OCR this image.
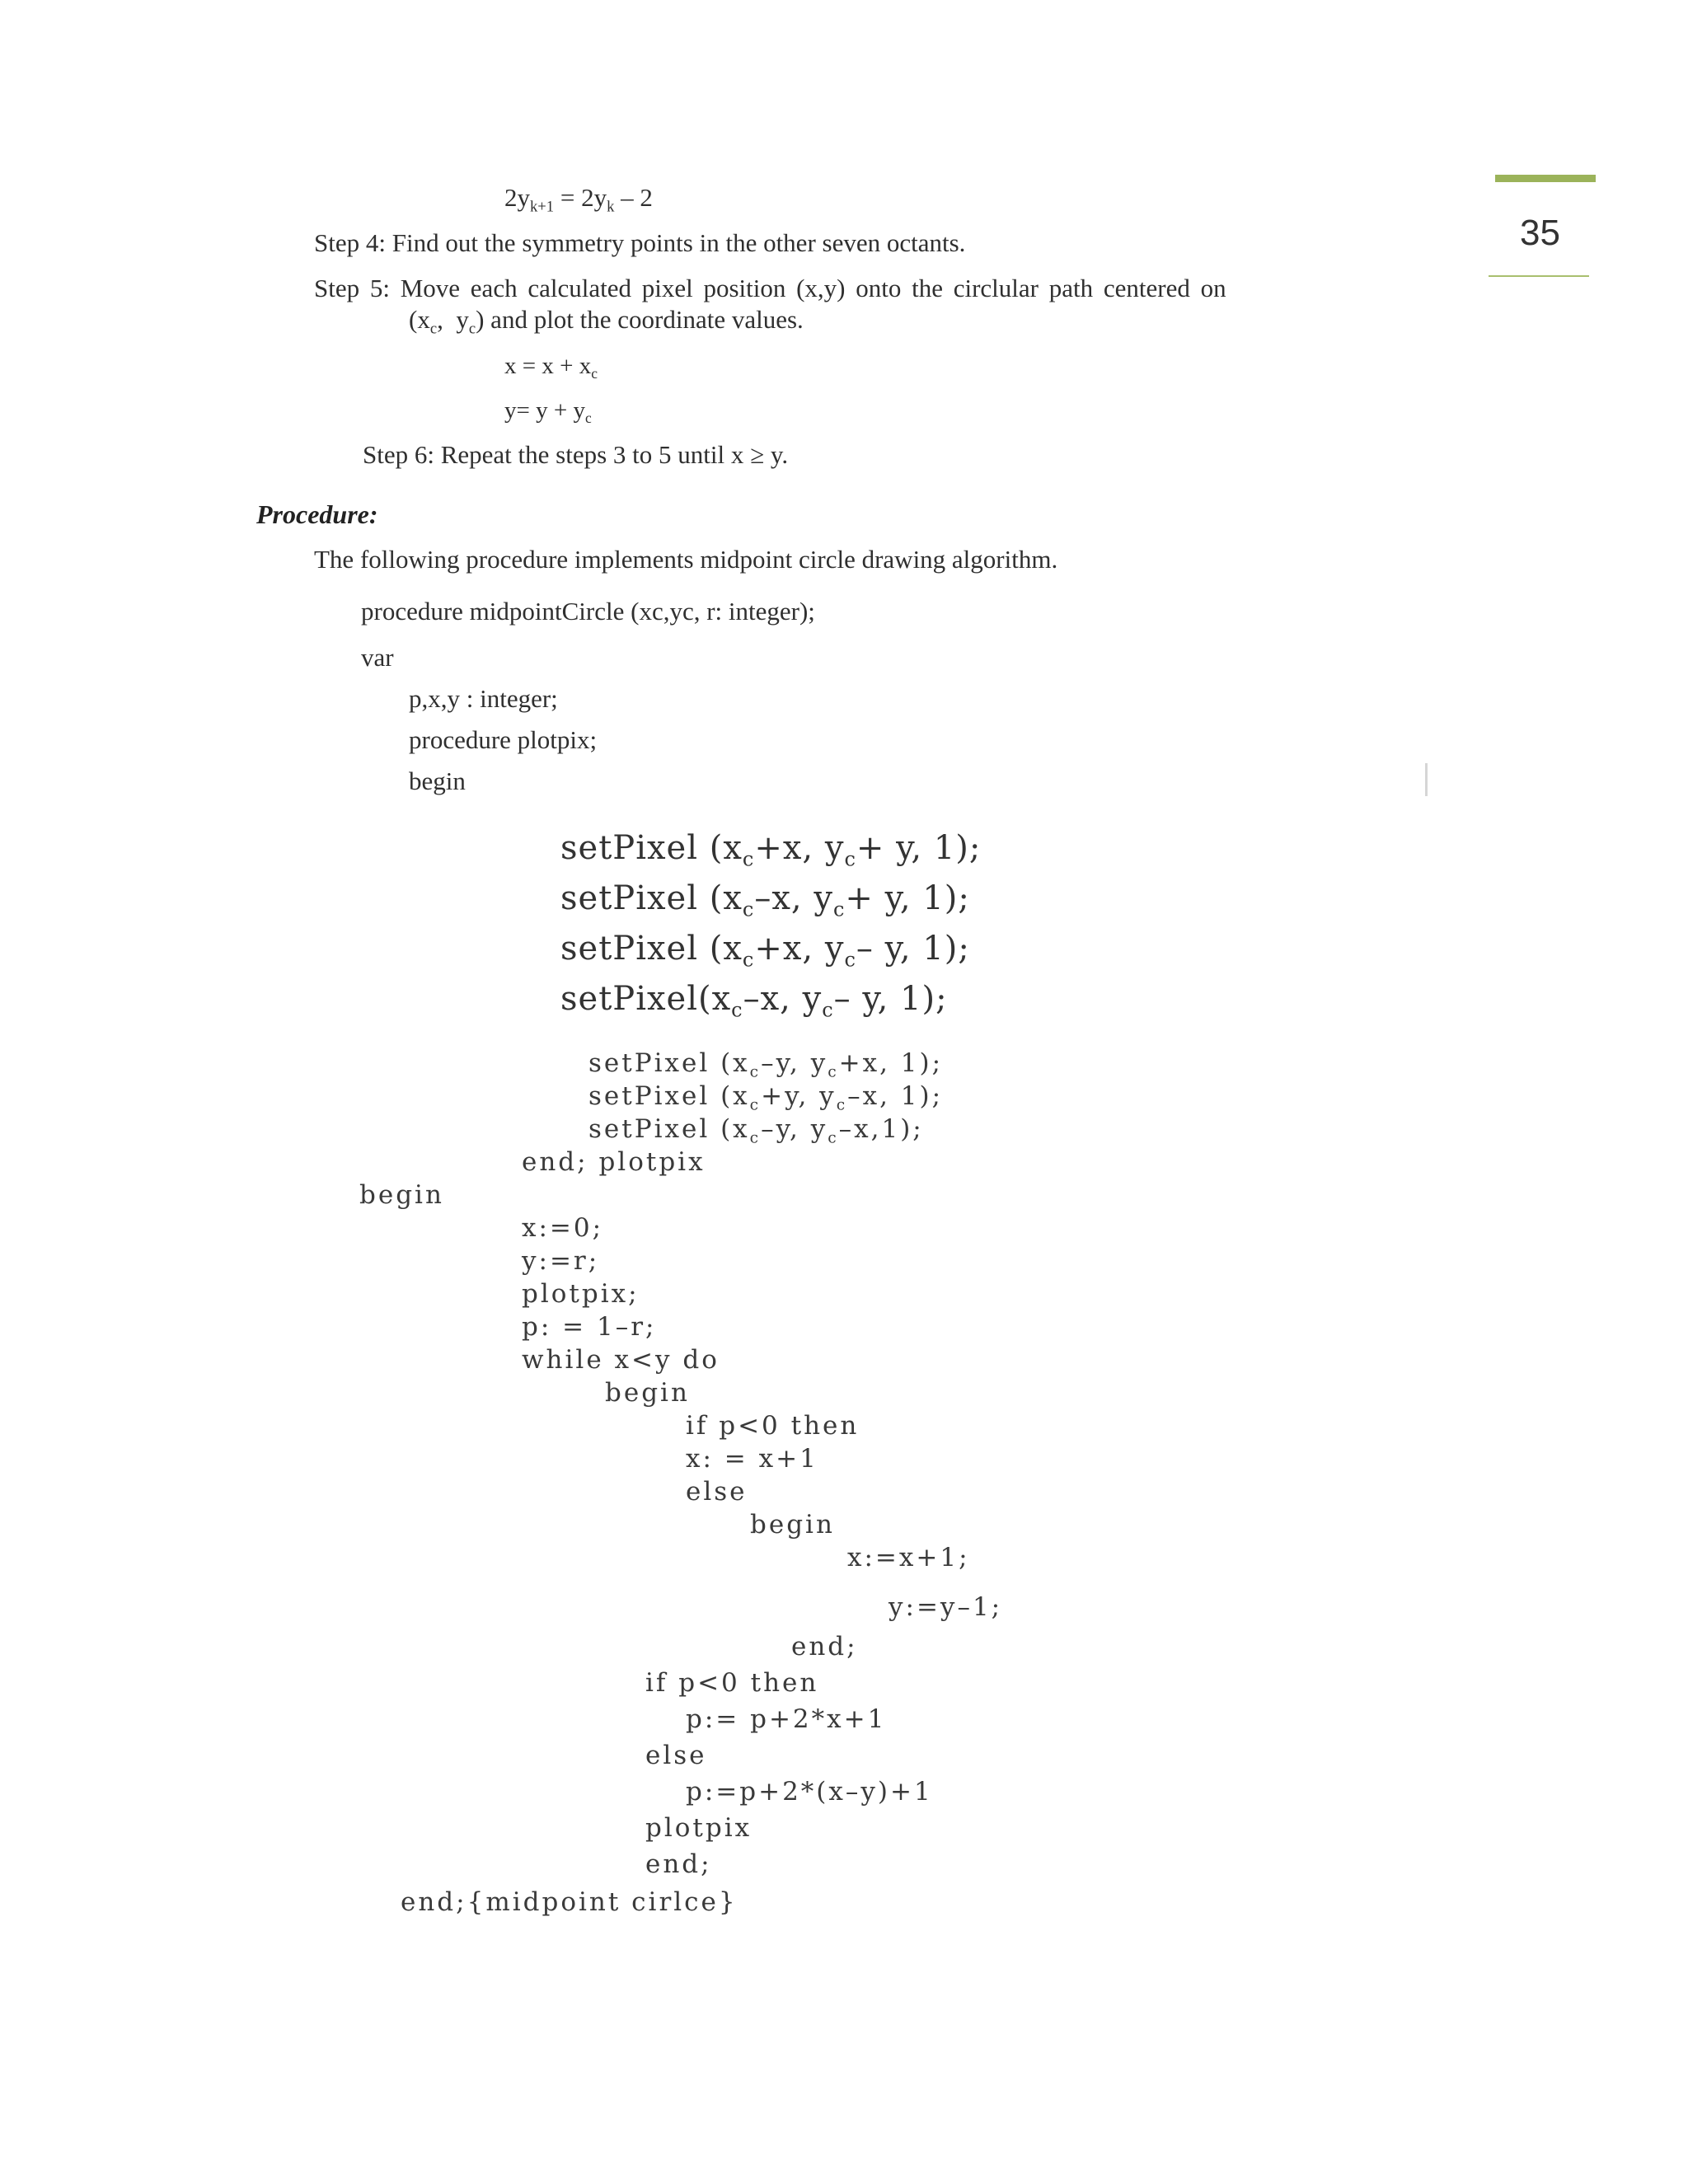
35
$2y_{k+1} = 2y_k - 2$
Step 4: Find out the symmetry points in the other seven octants.
Step 5: Move each calculated pixel position (x,y) onto the circlular path centered on
($x_c$,  $y_c$) and plot the coordinate values.
$x = x + x_c$
$y= y + y_c$
Step 6: Repeat the steps 3 to 5 until x ≥ y.
Procedure:
The following procedure implements midpoint circle drawing algorithm.
procedure midpointCircle (xc,yc, r: integer);
var
p,x,y : integer;
procedure plotpix;
begin
setPixel ($x_c+x$, $y_c+ y$, 1);
setPixel ($x_c-x$, $y_c+ y$, 1);
setPixel ($x_c+x$, $y_c-$ y, 1);
$setPixel(x_c-x$, $y_c-$ y, 1);
setPixel ($x_c-y$, $y_c+x$, 1);
setPixel ($x_c+y$, $y_c-x$, 1);
setPixel ($x_c-y$, $y_c-x,1$);
end; plotpix
begin
x:=0;
y:=r;
plotpix;
p: = 1–r;
while x<y do
begin
if p<0 then
x: = x+1
else
begin
x:=x+1;
y:=y–1;
end;
if p<0 then
p:= p+2*x+1
else
p:=p+2*(x–y)+1
plotpix
end;
end;{midpoint cirlce}
